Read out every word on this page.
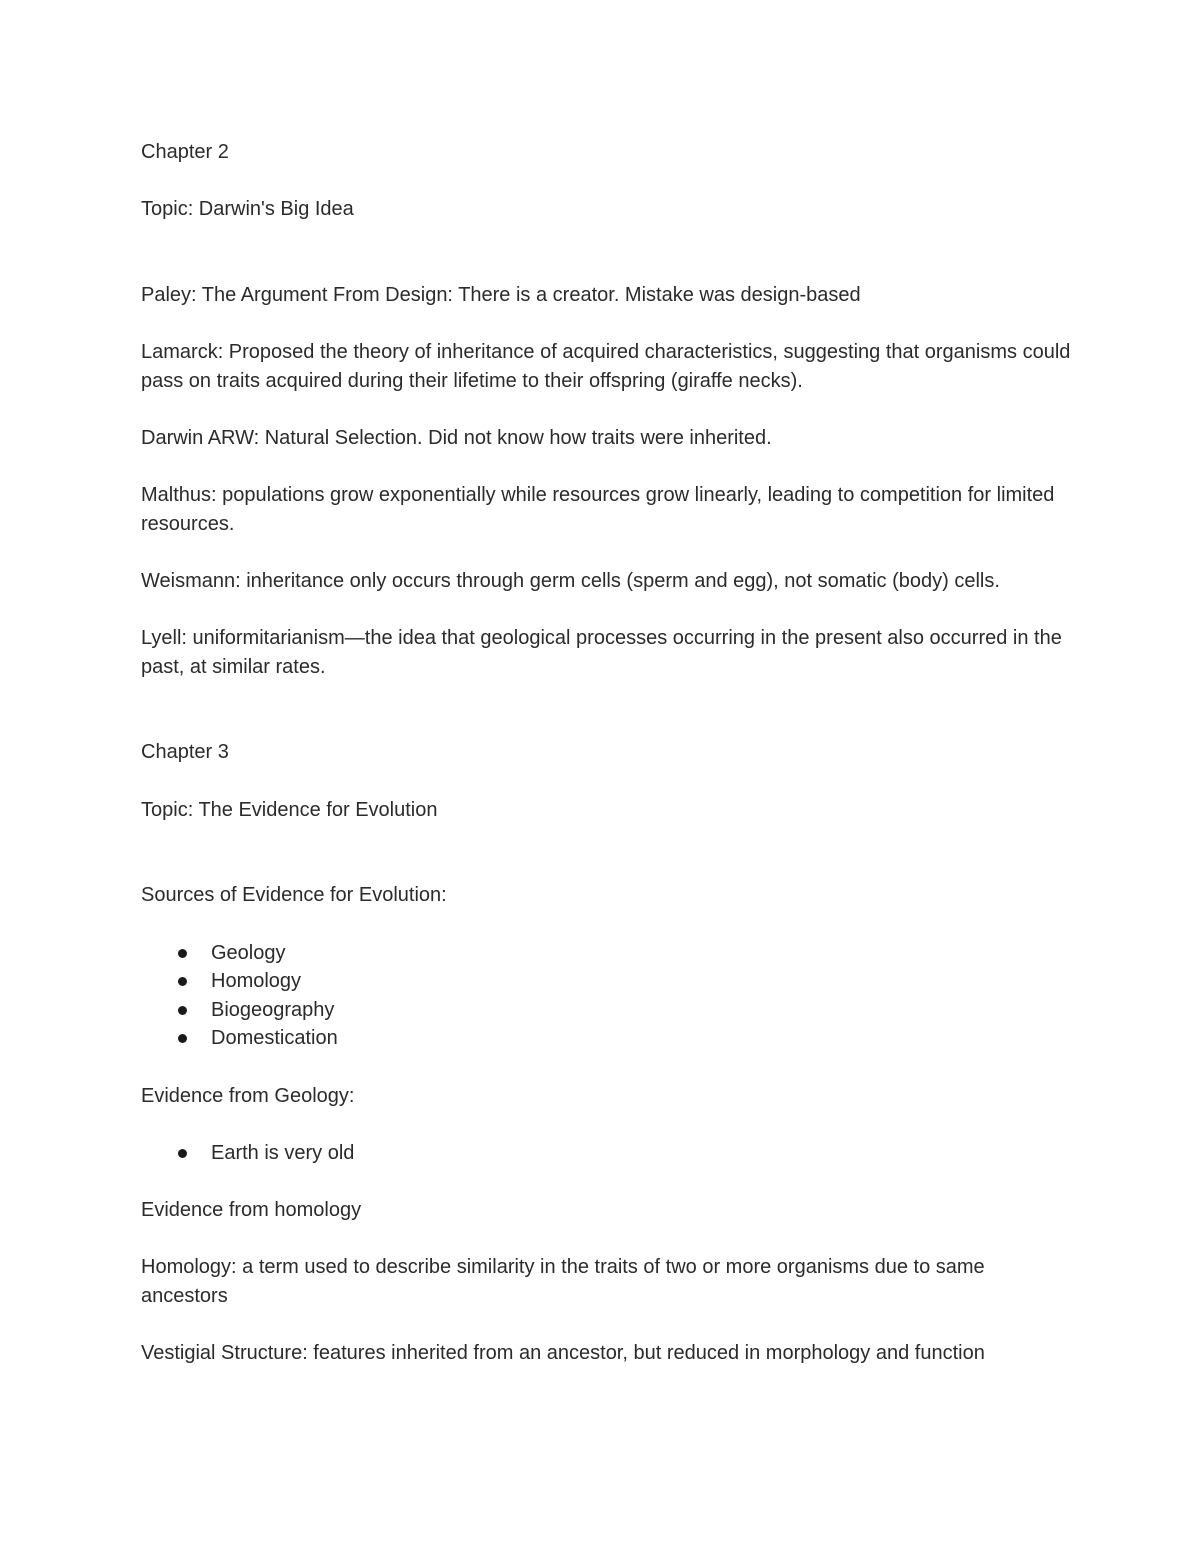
Chapter 2

Topic: Darwin's Big Idea

Paley: The Argument From Design: There is a creator. Mistake was design-based

Lamarck: Proposed the theory of inheritance of acquired characteristics, suggesting that organisms could pass on traits acquired during their lifetime to their offspring (giraffe necks).

Darwin ARW: Natural Selection. Did not know how traits were inherited.

Malthus: populations grow exponentially while resources grow linearly, leading to competition for limited resources.

Weismann: inheritance only occurs through germ cells (sperm and egg), not somatic (body) cells.

Lyell: uniformitarianism—the idea that geological processes occurring in the present also occurred in the past, at similar rates.

Chapter 3

Topic: The Evidence for Evolution

Sources of Evidence for Evolution:

Geology
Homology
Biogeography
Domestication

Evidence from Geology:

Earth is very old

Evidence from homology

Homology: a term used to describe similarity in the traits of two or more organisms due to same ancestors

Vestigial Structure: features inherited from an ancestor, but reduced in morphology and function
